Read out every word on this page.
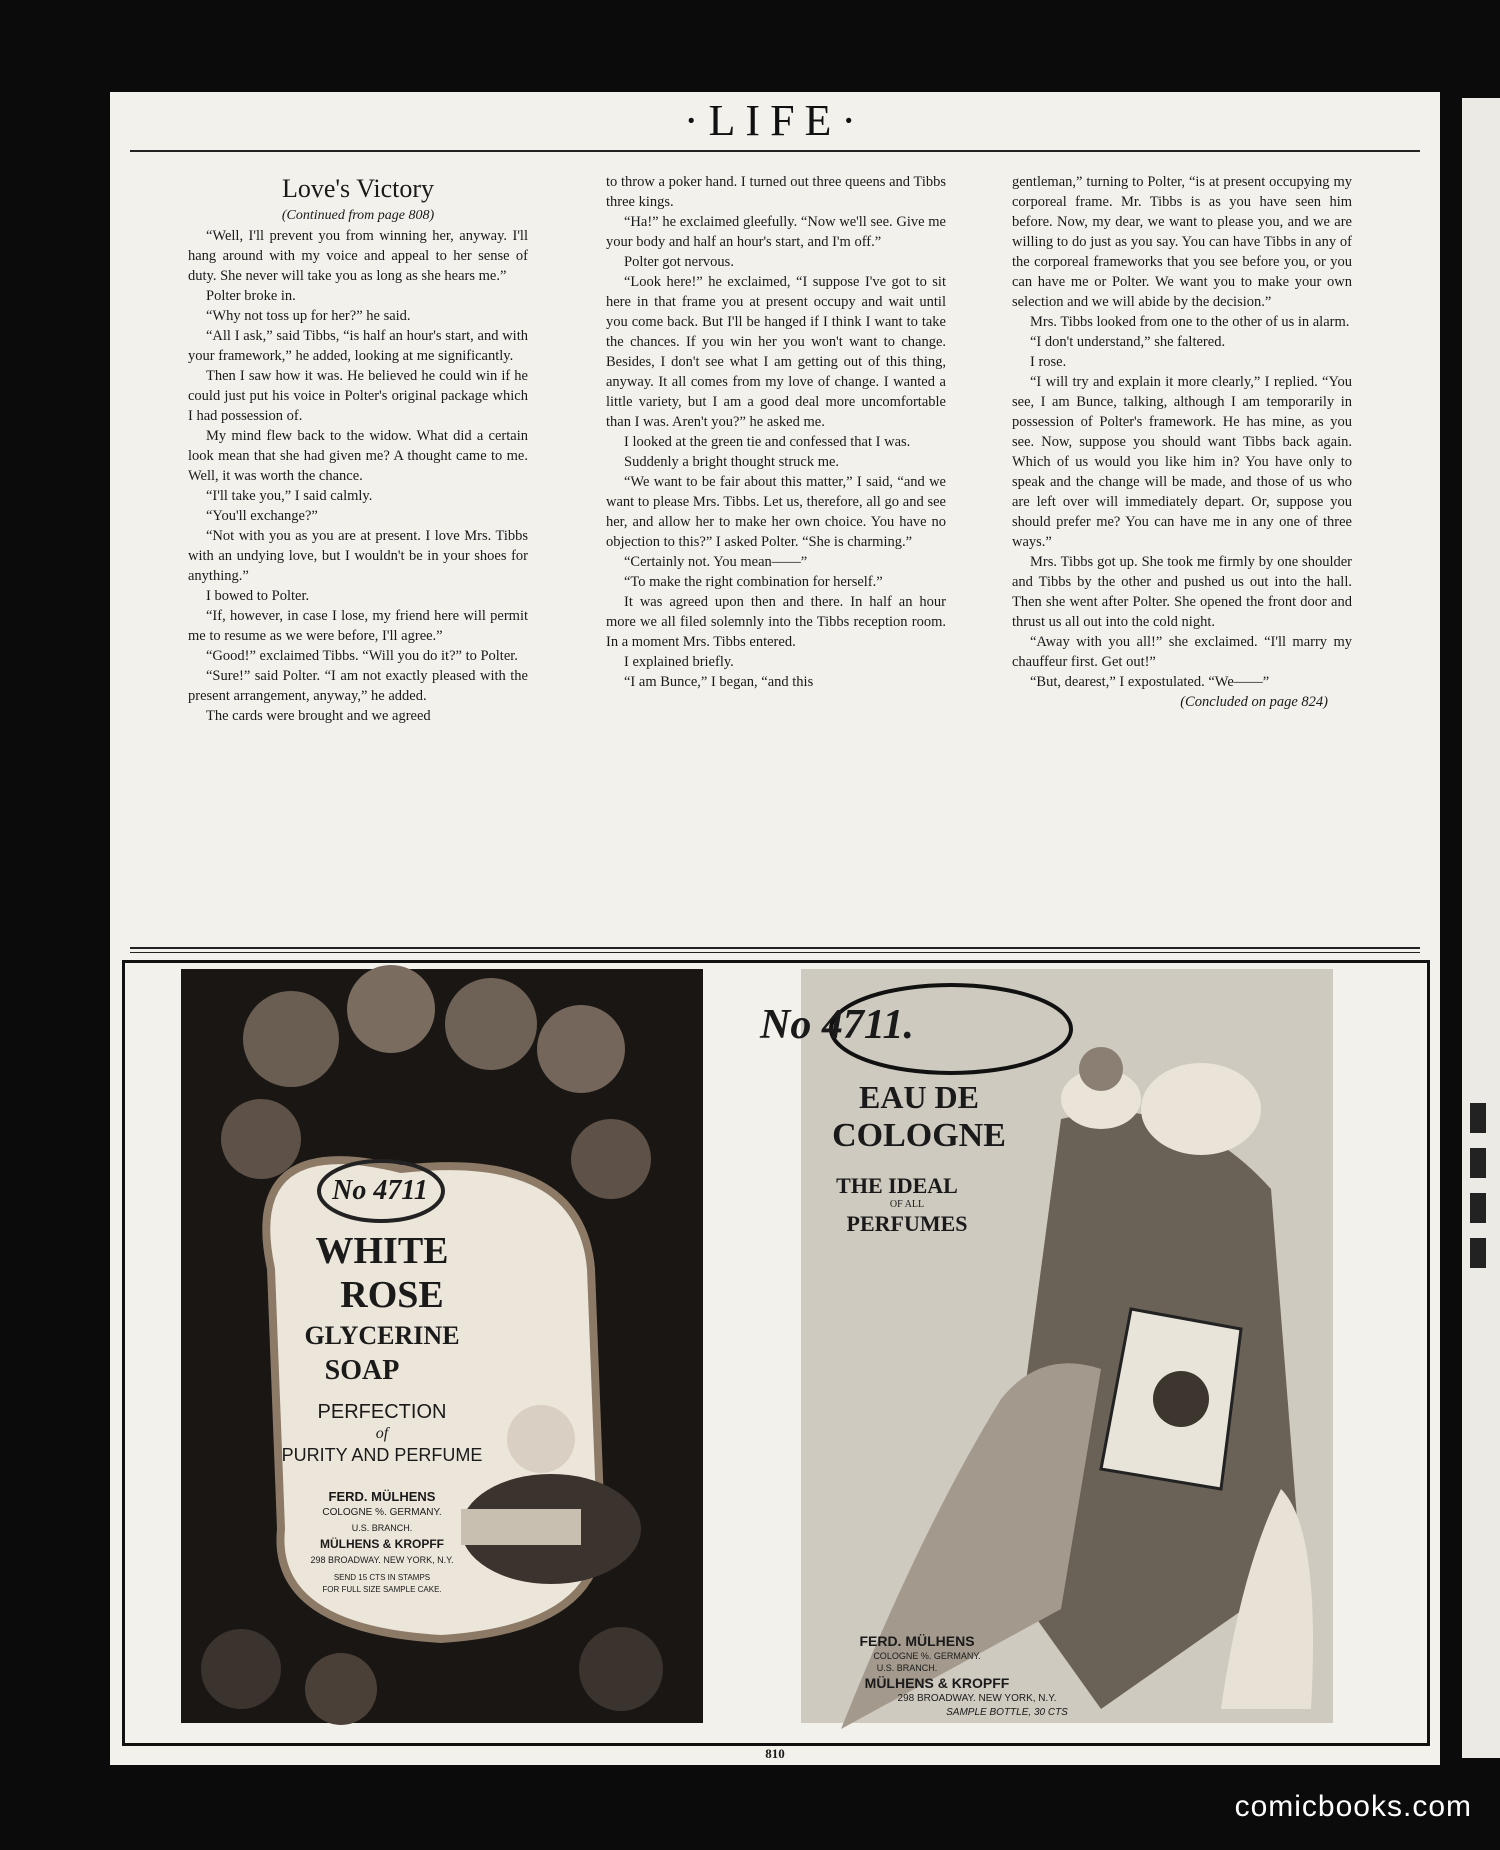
·LIFE·

Love's Victory

(Continued from page 808)

“Well, I'll prevent you from winning her, anyway. I'll hang around with my voice and appeal to her sense of duty. She never will take you as long as she hears me.”

Polter broke in.

“Why not toss up for her?” he said.

“All I ask,” said Tibbs, “is half an hour's start, and with your framework,” he added, looking at me significantly.

Then I saw how it was. He believed he could win if he could just put his voice in Polter's original package which I had possession of.

My mind flew back to the widow. What did a certain look mean that she had given me? A thought came to me. Well, it was worth the chance.

“I'll take you,” I said calmly.

“You'll exchange?”

“Not with you as you are at present. I love Mrs. Tibbs with an undying love, but I wouldn't be in your shoes for anything.”

I bowed to Polter.

“If, however, in case I lose, my friend here will permit me to resume as we were before, I'll agree.”

“Good!” exclaimed Tibbs. “Will you do it?” to Polter.

“Sure!” said Polter. “I am not exactly pleased with the present arrangement, anyway,” he added.

The cards were brought and we agreed

to throw a poker hand. I turned out three queens and Tibbs three kings.

“Ha!” he exclaimed gleefully. “Now we'll see. Give me your body and half an hour's start, and I'm off.”

Polter got nervous.

“Look here!” he exclaimed, “I suppose I've got to sit here in that frame you at present occupy and wait until you come back. But I'll be hanged if I think I want to take the chances. If you win her you won't want to change. Besides, I don't see what I am getting out of this thing, anyway. It all comes from my love of change. I wanted a little variety, but I am a good deal more uncomfortable than I was. Aren't you?” he asked me.

I looked at the green tie and confessed that I was.

Suddenly a bright thought struck me.

“We want to be fair about this matter,” I said, “and we want to please Mrs. Tibbs. Let us, therefore, all go and see her, and allow her to make her own choice. You have no objection to this?” I asked Polter. “She is charming.”

“Certainly not. You mean——”

“To make the right combination for herself.”

It was agreed upon then and there. In half an hour more we all filed solemnly into the Tibbs reception room. In a moment Mrs. Tibbs entered.

I explained briefly.

“I am Bunce,” I began, “and this

gentleman,” turning to Polter, “is at present occupying my corporeal frame. Mr. Tibbs is as you have seen him before. Now, my dear, we want to please you, and we are willing to do just as you say. You can have Tibbs in any of the corporeal frameworks that you see before you, or you can have me or Polter. We want you to make your own selection and we will abide by the decision.”

Mrs. Tibbs looked from one to the other of us in alarm.

“I don't understand,” she faltered.

I rose.

“I will try and explain it more clearly,” I replied. “You see, I am Bunce, talking, although I am temporarily in possession of Polter's framework. He has mine, as you see. Now, suppose you should want Tibbs back again. Which of us would you like him in? You have only to speak and the change will be made, and those of us who are left over will immediately depart. Or, suppose you should prefer me? You can have me in any one of three ways.”

Mrs. Tibbs got up. She took me firmly by one shoulder and Tibbs by the other and pushed us out into the hall. Then she went after Polter. She opened the front door and thrust us all out into the cold night.

“Away with you all!” she exclaimed. “I'll marry my chauffeur first. Get out!”

“But, dearest,” I expostulated. “We——”

(Concluded on page 824)

No 4711
WHITE
ROSE
GLYCERINE
SOAP
PERFECTION
of
PURITY AND PERFUME
FERD. MÜLHENS
COLOGNE %. GERMANY.
U.S. BRANCH.
MÜLHENS & KROPFF
298 BROADWAY. NEW YORK, N.Y.
SEND 15 CTS IN STAMPS
FOR FULL SIZE SAMPLE CAKE.
No 4711.
EAU DE
COLOGNE
THE IDEAL
OF ALL
PERFUMES
FERD. MÜLHENS
COLOGNE %. GERMANY.
U.S. BRANCH.
MÜLHENS & KROPFF
298 BROADWAY. NEW YORK, N.Y.
SAMPLE BOTTLE, 30 CTS
810
comicbooks.com
